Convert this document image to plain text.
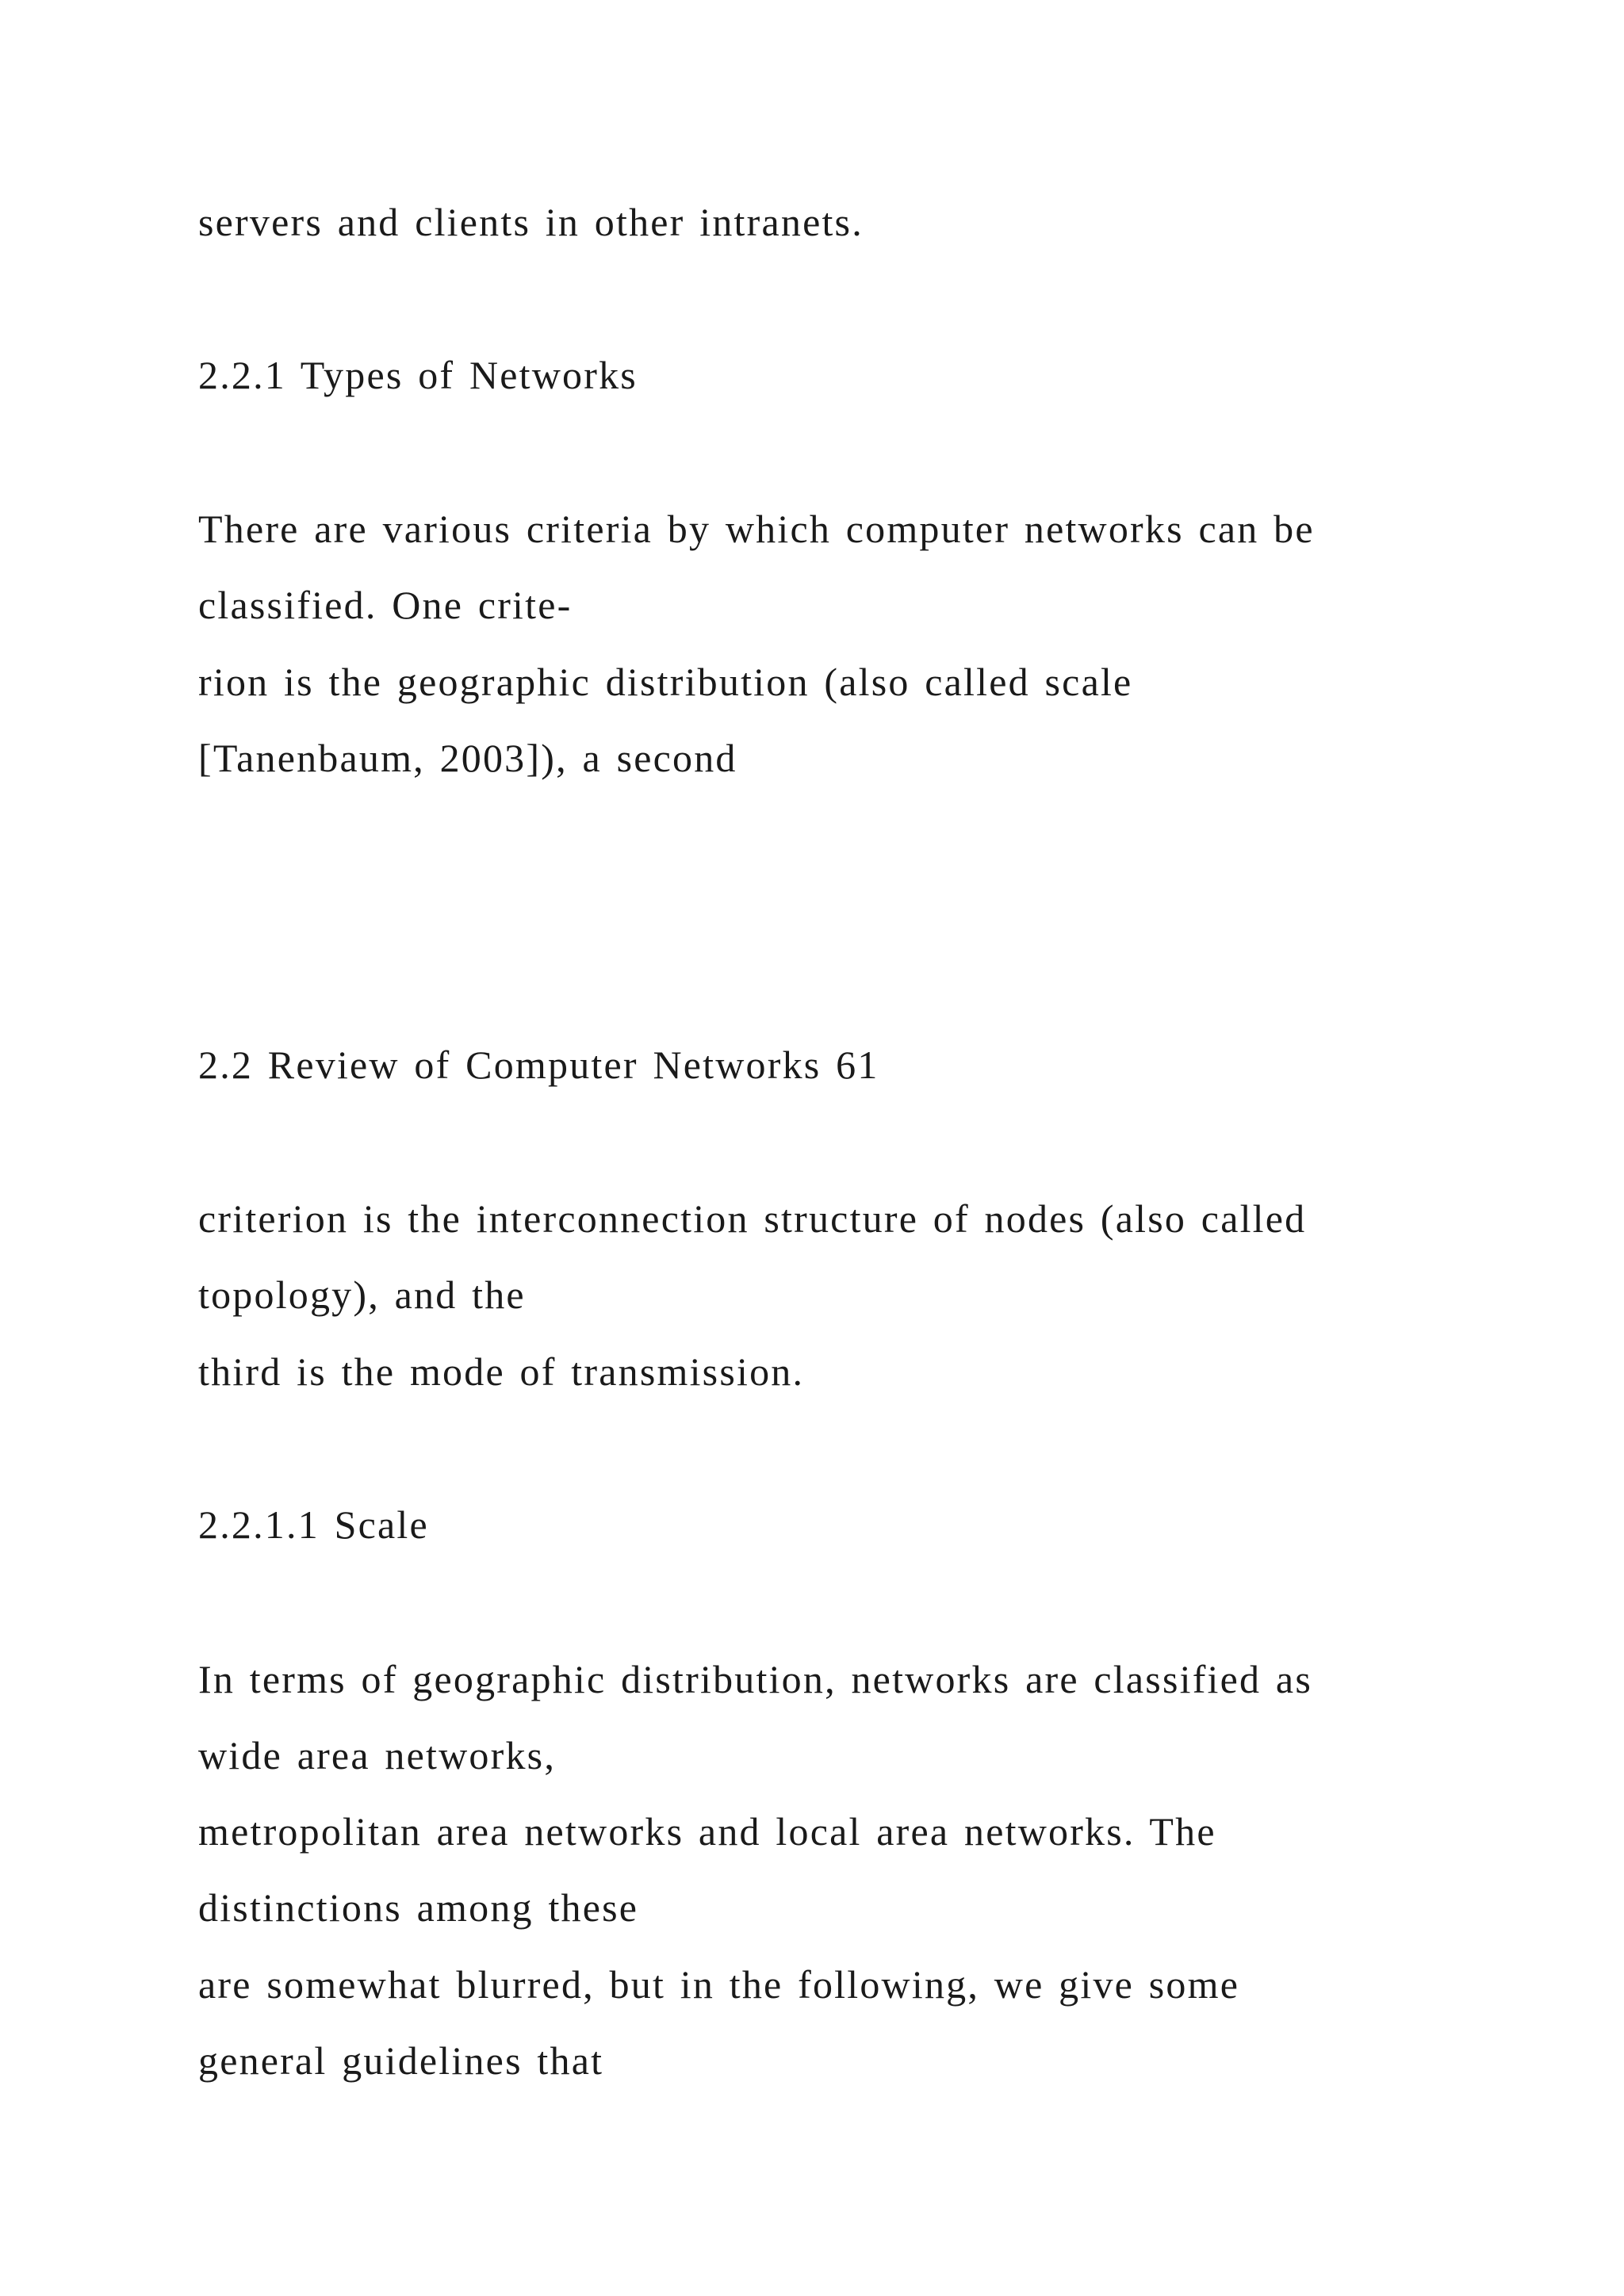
servers and clients in other intranets.

2.2.1 Types of Networks

There are various criteria by which computer networks can be

classified. One crite-

rion is the geographic distribution (also called scale

[Tanenbaum, 2003]), a second

2.2 Review of Computer Networks 61

criterion is the interconnection structure of nodes (also called

topology), and the

third is the mode of transmission.

2.2.1.1 Scale

In terms of geographic distribution, networks are classified as

wide area networks,

metropolitan area networks and local area networks. The

distinctions among these

are somewhat blurred, but in the following, we give some

general guidelines that
